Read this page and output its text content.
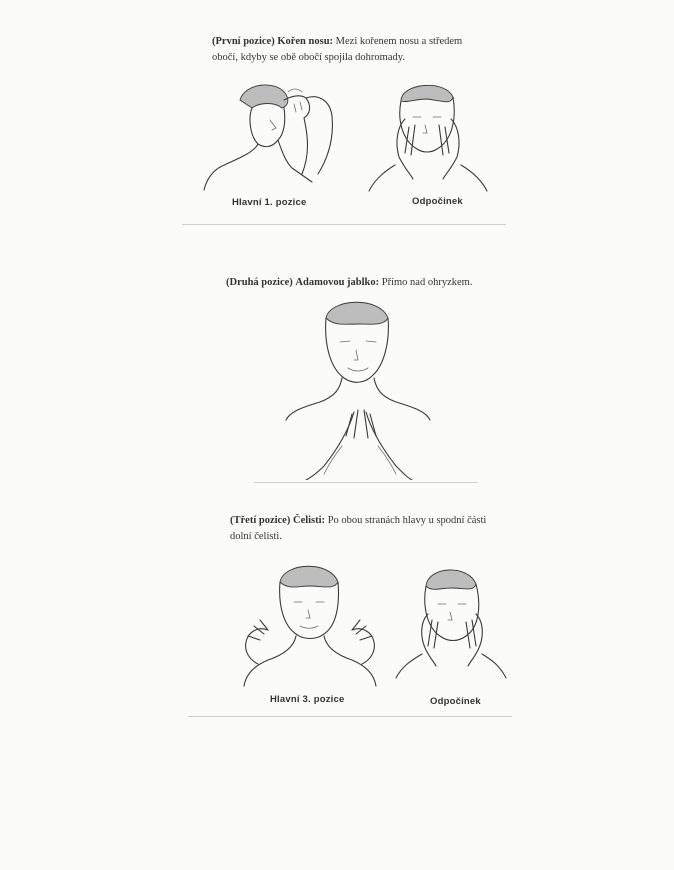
(První pozice) Kořen nosu: Mezi kořenem nosu a středem
obočí, kdyby se obě obočí spojila dohromady.

Hlavní 1. pozice	Odpočinek

(Druhá pozice) Adamovou jablko: Přímo nad ohryzkem.

(Třetí pozice) Čelisti: Po obou stranách hlavy u spodní části
dolní čelisti.

Hlavní 3. pozice	Odpočinek
